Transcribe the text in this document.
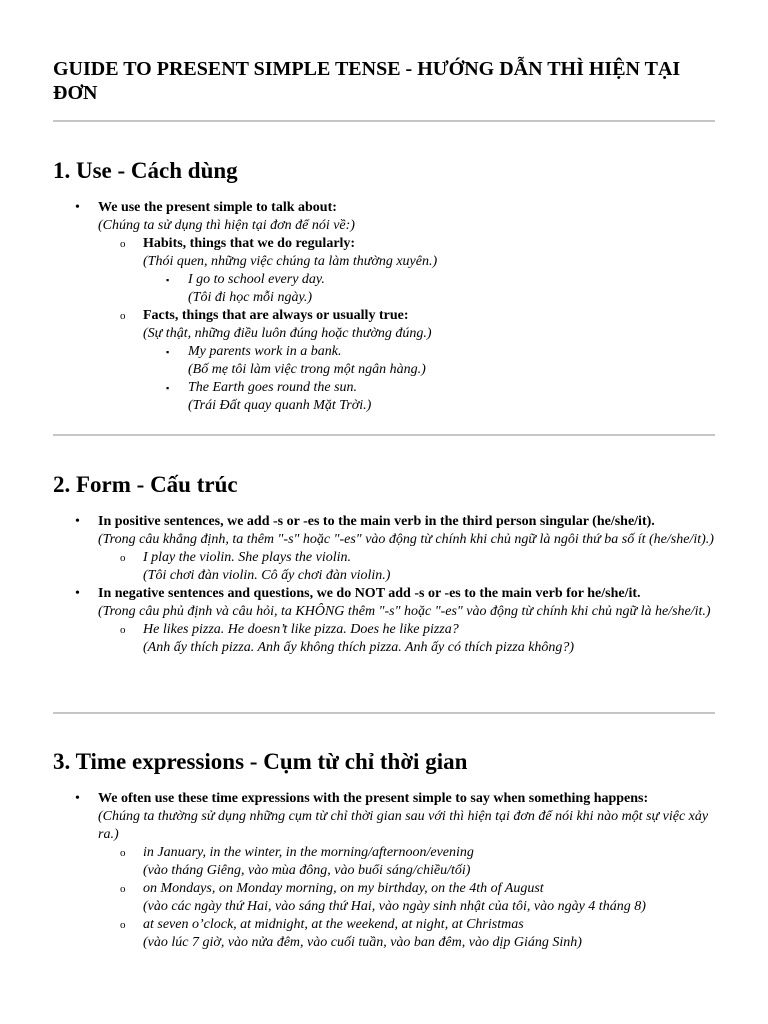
GUIDE TO PRESENT SIMPLE TENSE - HƯỚNG DẪN THÌ HIỆN TẠI ĐƠN
1. Use - Cách dùng
• We use the present simple to talk about:
(Chúng ta sử dụng thì hiện tại đơn để nói về:)
o Habits, things that we do regularly:
(Thói quen, những việc chúng ta làm thường xuyên.)
▪ I go to school every day.
(Tôi đi học mỗi ngày.)
o Facts, things that are always or usually true:
(Sự thật, những điều luôn đúng hoặc thường đúng.)
▪ My parents work in a bank.
(Bố mẹ tôi làm việc trong một ngân hàng.)
▪ The Earth goes round the sun.
(Trái Đất quay quanh Mặt Trời.)
2. Form - Cấu trúc
• In positive sentences, we add -s or -es to the main verb in the third person singular (he/she/it).
(Trong câu khẳng định, ta thêm "-s" hoặc "-es" vào động từ chính khi chủ ngữ là ngôi thứ ba số ít (he/she/it).)
o I play the violin. She plays the violin.
(Tôi chơi đàn violin. Cô ấy chơi đàn violin.)
• In negative sentences and questions, we do NOT add -s or -es to the main verb for he/she/it.
(Trong câu phủ định và câu hỏi, ta KHÔNG thêm "-s" hoặc "-es" vào động từ chính khi chủ ngữ là he/she/it.)
o He likes pizza. He doesn’t like pizza. Does he like pizza?
(Anh ấy thích pizza. Anh ấy không thích pizza. Anh ấy có thích pizza không?)
3. Time expressions - Cụm từ chỉ thời gian
• We often use these time expressions with the present simple to say when something happens:
(Chúng ta thường sử dụng những cụm từ chỉ thời gian sau với thì hiện tại đơn để nói khi nào một sự việc xảy ra.)
o in January, in the winter, in the morning/afternoon/evening
(vào tháng Giêng, vào mùa đông, vào buổi sáng/chiều/tối)
o on Mondays, on Monday morning, on my birthday, on the 4th of August
(vào các ngày thứ Hai, vào sáng thứ Hai, vào ngày sinh nhật của tôi, vào ngày 4 tháng 8)
o at seven o’clock, at midnight, at the weekend, at night, at Christmas
(vào lúc 7 giờ, vào nửa đêm, vào cuối tuần, vào ban đêm, vào dịp Giáng Sinh)
